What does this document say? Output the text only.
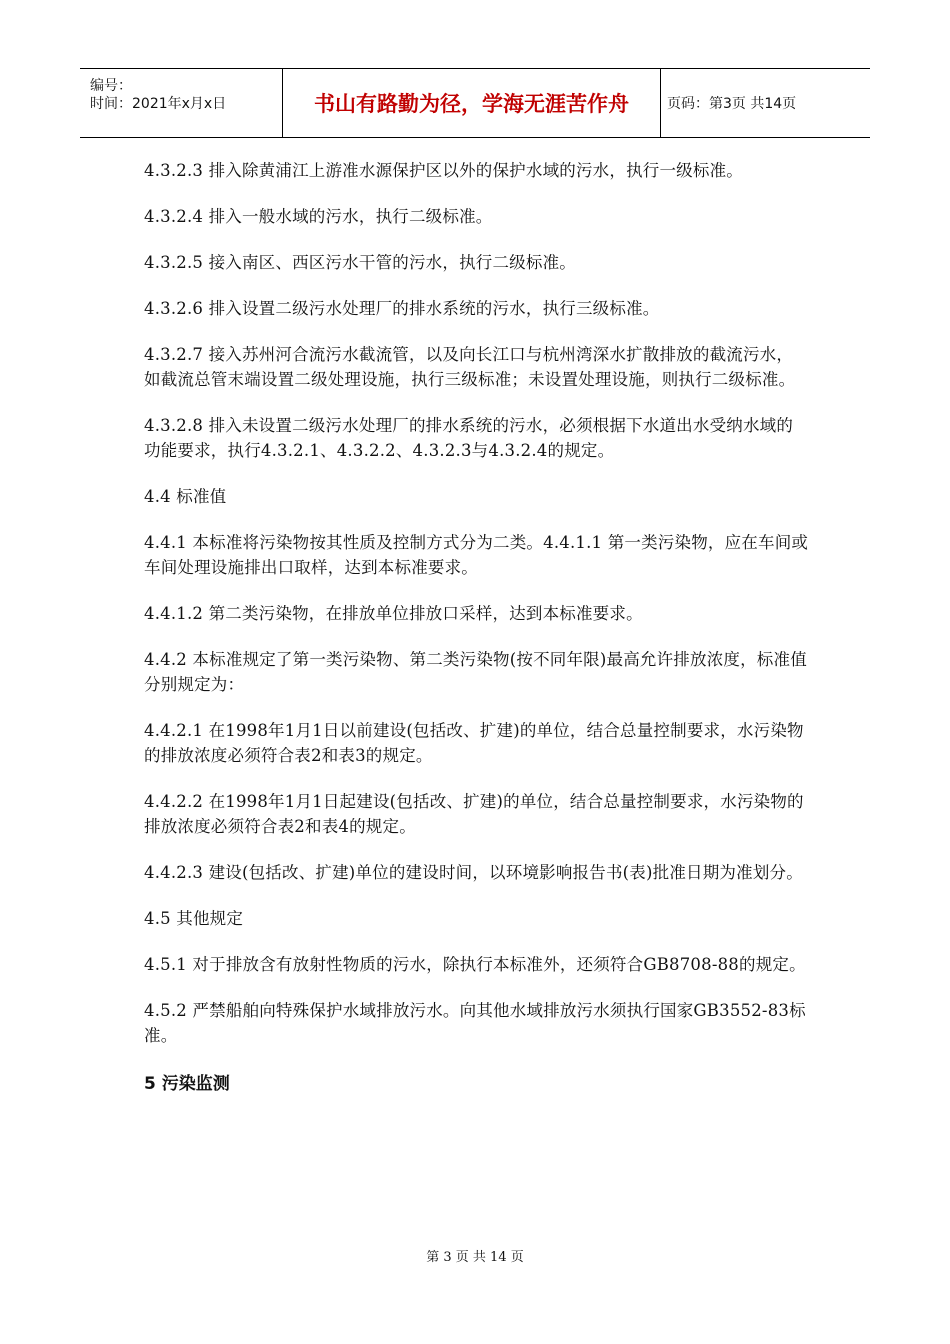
编号：
时间：2021年x月x日	书山有路勤为径，学海无涯苦作舟	页码：第3页 共14页

4.3.2.3 排入除黄浦江上游准水源保护区以外的保护水域的污水，执行一级标准。

4.3.2.4 排入一般水域的污水，执行二级标准。

4.3.2.5 接入南区、西区污水干管的污水，执行二级标准。

4.3.2.6 排入设置二级污水处理厂的排水系统的污水，执行三级标准。

4.3.2.7 接入苏州河合流污水截流管，以及向长江口与杭州湾深水扩散排放的截流污水，如截流总管末端设置二级处理设施，执行三级标准；未设置处理设施，则执行二级标准。

4.3.2.8 排入未设置二级污水处理厂的排水系统的污水，必须根据下水道出水受纳水域的功能要求，执行4.3.2.1、4.3.2.2、4.3.2.3与4.3.2.4的规定。

4.4 标准值

4.4.1 本标准将污染物按其性质及控制方式分为二类。4.4.1.1 第一类污染物，应在车间或车间处理设施排出口取样，达到本标准要求。

4.4.1.2 第二类污染物，在排放单位排放口采样，达到本标准要求。

4.4.2 本标准规定了第一类污染物、第二类污染物(按不同年限)最高允许排放浓度，标准值分别规定为：

4.4.2.1 在1998年1月1日以前建设(包括改、扩建)的单位，结合总量控制要求，水污染物的排放浓度必须符合表2和表3的规定。

4.4.2.2 在1998年1月1日起建设(包括改、扩建)的单位，结合总量控制要求，水污染物的排放浓度必须符合表2和表4的规定。

4.4.2.3 建设(包括改、扩建)单位的建设时间，以环境影响报告书(表)批准日期为准划分。

4.5 其他规定

4.5.1 对于排放含有放射性物质的污水，除执行本标准外，还须符合GB8708-88的规定。

4.5.2 严禁船舶向特殊保护水域排放污水。向其他水域排放污水须执行国家GB3552-83标准。

5 污染监测
第 3 页 共 14 页
